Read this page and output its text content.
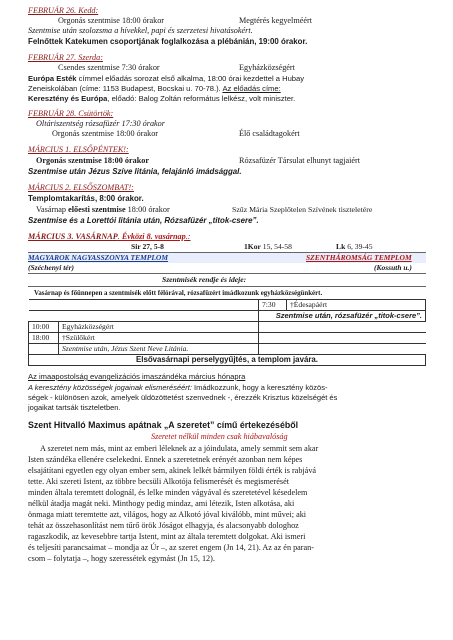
FEBRUÁR 26. Kedd:
Orgonás szentmise 18:00 órakor	Megtérés kegyelméért
Szentmise után szolozsma a hívekkel, papi és szerzetesi hivatásokért.
Felnőttek Katekumen csoportjának foglalkozása a plébánián, 19:00 órakor.
FEBRUÁR 27. Szerda:
Csendes szentmise 7:30 órakor	Egyházközségért
Európa Esték címmel előadás sorozat első alkalma, 18:00 órai kezdettel a Hubay
Zeneiskolában (címe: 1153 Budapest, Bocskai u. 70-78.). Az előadás címe:
Keresztény és Európa, előadó: Balog Zoltán református lelkész, volt miniszter.
FEBRUÁR 28. Csütörtök:
Oltáriszentség rózsafüzér 17:30 órakor
Orgonás szentmise 18:00 órakor	Élő családtagokért
MÁRCIUS 1. ELSŐPÉNTEK!:
Orgonás szentmise 18:00 órakor	Rózsafüzér Társulat elhunyt tagjaiért
Szentmise után Jézus Szíve litánia, felajánló imádsággal.
MÁRCIUS 2. ELSŐSZOMBAT!:
Templomtakarítás, 8:00 órakor.
Vasárnap előesti szentmise 18:00 órakor	Szűz Mária Szeplőtelen Szívének tiszteletére
Szentmise és a Lorettói litánia után, Rózsafüzér „titok-csere”.
MÁRCIUS 3. VASÁRNAP. Évközi 8. vasárnap.:
Sir 27, 5-8	1Kor 15, 54-58	Lk 6, 39-45
MAGYAROK NAGYASSZONYA TEMPLOM	SZENTHÁROMSÁG TEMPLOM
(Széchenyi tér)	(Kossuth u.)
Szentmisék rendje és ideje:
Vasárnap és főünnepen a szentmisék előtt félórával, rózsafüzért imádkozunk egyházközségünkért.
		7:30	†Édesapáért
		Szentmise után, rózsafüzér „titok-csere”.	
10:00	Egyházközségért		
18:00	†Szülőkért		
	Szentmise után, Jézus Szent Neve Litánia.		
Elsővasárnapi perselygyűjtés, a templom javára.			
Az imaapostolság evangelizációs imaszándéka március hónapra
A keresztény közösségek jogainak elismeréséért: Imádkozzunk, hogy a keresztény közös-
ségek - különösen azok, amelyek üldözöttetést szenvednek -, érezzék Krisztus közelségét és
jogaikat tartsák tiszteletben.
Szent Hitvalló Maximus apátnak „A szeretet” című értekezéséből
Szeretet nélkül minden csak hiábavalóság
A szeretet nem más, mint az emberi léleknek az a jóindulata, amely semmit sem akar
Isten szándéka ellenére cselekedni. Ennek a szeretetnek erényét azonban nem képes
elsajátítani egyetlen egy olyan ember sem, akinek lelkét bármilyen földi érték is rabjává
tette. Aki szereti Istent, az többre becsüli Alkotója felismerését és megismerését
minden általa teremtett dolognál, és lelke minden vágyával és szeretetével késedelem
nélkül átadja magát neki. Minthogy pedig mindaz, ami létezik, Isten alkotása, aki
önmaga miatt teremtette azt, világos, hogy az Alkotó jóval kiválóbb, mint művei; aki
tehát az összehasonlítást nem tűrő örök Jóságot elhagyja, és alacsonyabb dologhoz
ragaszkodik, az kevesebbre tartja Istent, mint az általa teremtett dolgokat. Aki ismeri
és teljesíti parancsaimat – mondja az Úr –, az szeret engem (Jn 14, 21). Az az én paran-
csom – folytatja –, hogy szeressétek egymást (Jn 15, 12).
